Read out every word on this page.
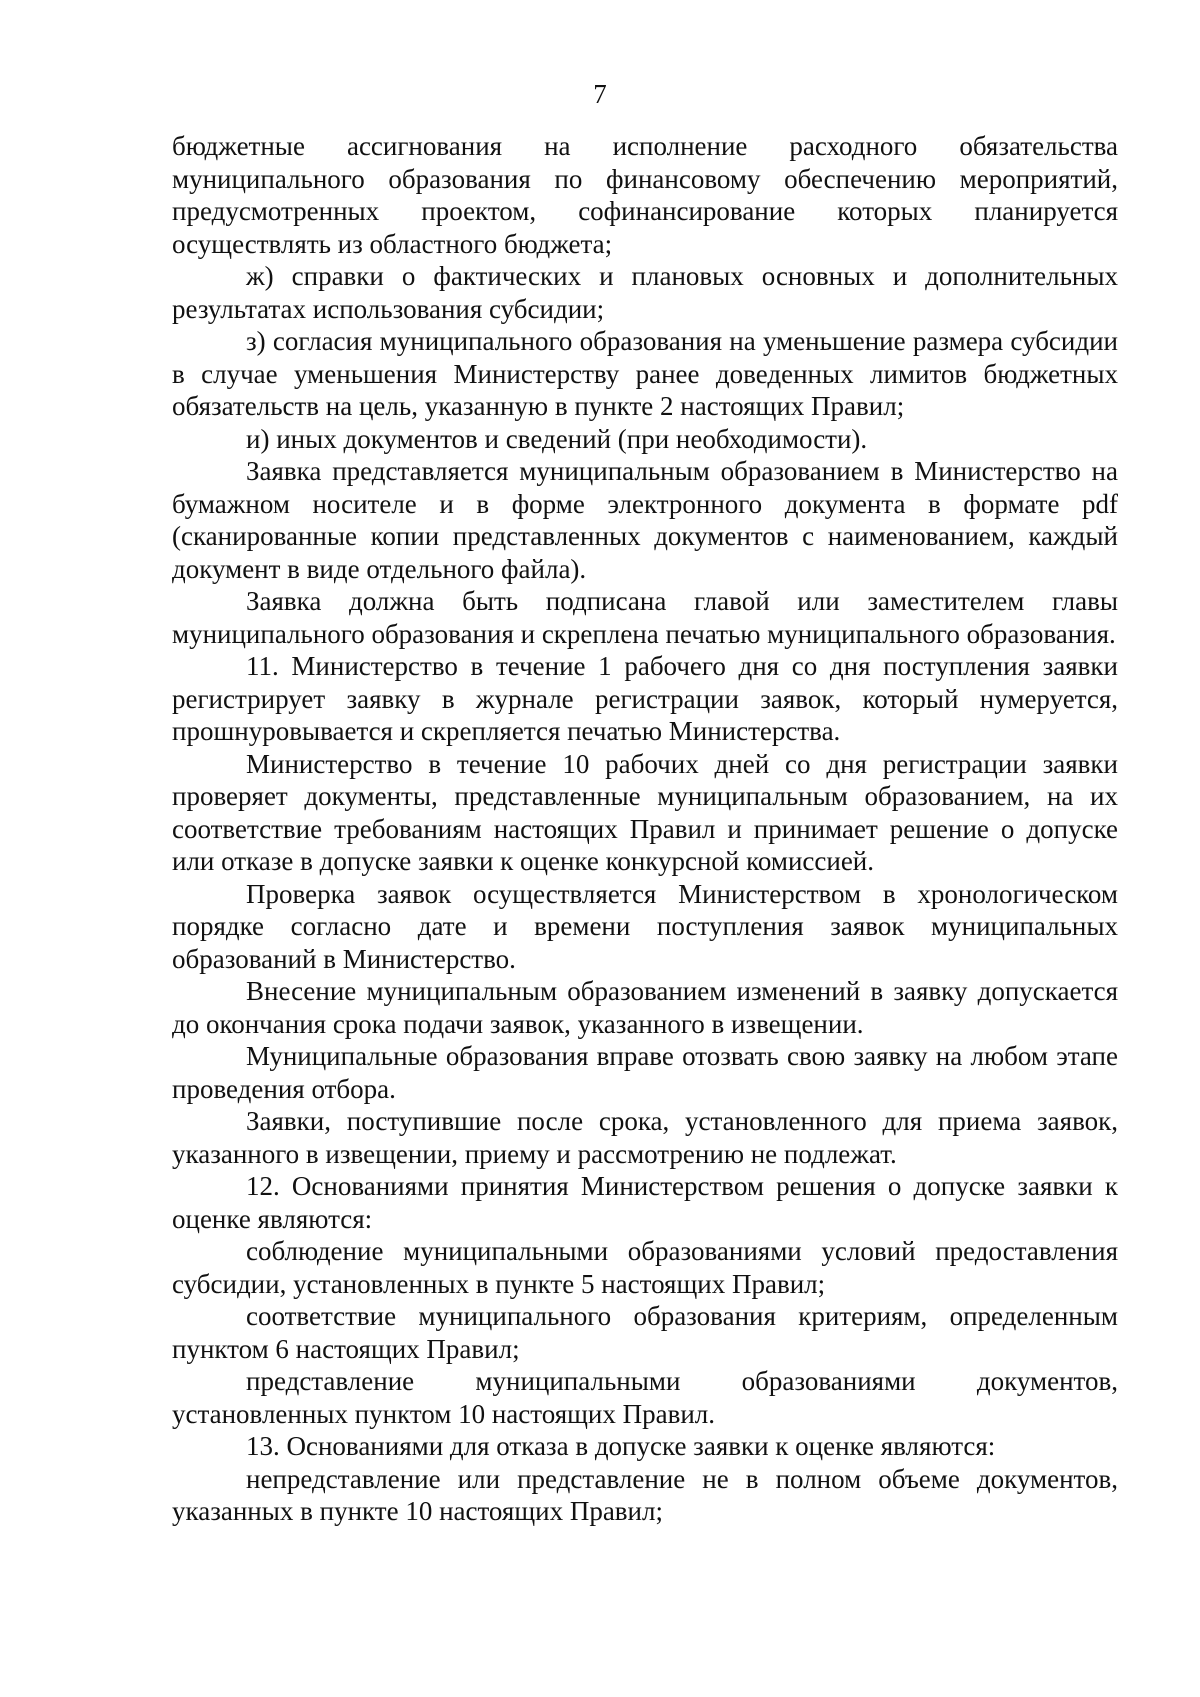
7

бюджетные ассигнования на исполнение расходного обязательства муниципального образования по финансовому обеспечению мероприятий, предусмотренных проектом, софинансирование которых планируется осуществлять из областного бюджета;

ж) справки о фактических и плановых основных и дополнительных результатах использования субсидии;

з) согласия муниципального образования на уменьшение размера субсидии в случае уменьшения Министерству ранее доведенных лимитов бюджетных обязательств на цель, указанную в пункте 2 настоящих Правил;

и) иных документов и сведений (при необходимости).

Заявка представляется муниципальным образованием в Министерство на бумажном носителе и в форме электронного документа в формате pdf (сканированные копии представленных документов с наименованием, каждый документ в виде отдельного файла).

Заявка должна быть подписана главой или заместителем главы муниципального образования и скреплена печатью муниципального образования.

11. Министерство в течение 1 рабочего дня со дня поступления заявки регистрирует заявку в журнале регистрации заявок, который нумеруется, прошнуровывается и скрепляется печатью Министерства.

Министерство в течение 10 рабочих дней со дня регистрации заявки проверяет документы, представленные муниципальным образованием, на их соответствие требованиям настоящих Правил и принимает решение о допуске или отказе в допуске заявки к оценке конкурсной комиссией.

Проверка заявок осуществляется Министерством в хронологическом порядке согласно дате и времени поступления заявок муниципальных образований в Министерство.

Внесение муниципальным образованием изменений в заявку допускается до окончания срока подачи заявок, указанного в извещении.

Муниципальные образования вправе отозвать свою заявку на любом этапе проведения отбора.

Заявки, поступившие после срока, установленного для приема заявок, указанного в извещении, приему и рассмотрению не подлежат.

12. Основаниями принятия Министерством решения о допуске заявки к оценке являются:

соблюдение муниципальными образованиями условий предоставления субсидии, установленных в пункте 5 настоящих Правил;

соответствие муниципального образования критериям, определенным пунктом 6 настоящих Правил;

представление муниципальными образованиями документов, установленных пунктом 10 настоящих Правил.

13. Основаниями для отказа в допуске заявки к оценке являются:

непредставление или представление не в полном объеме документов, указанных в пункте 10 настоящих Правил;
